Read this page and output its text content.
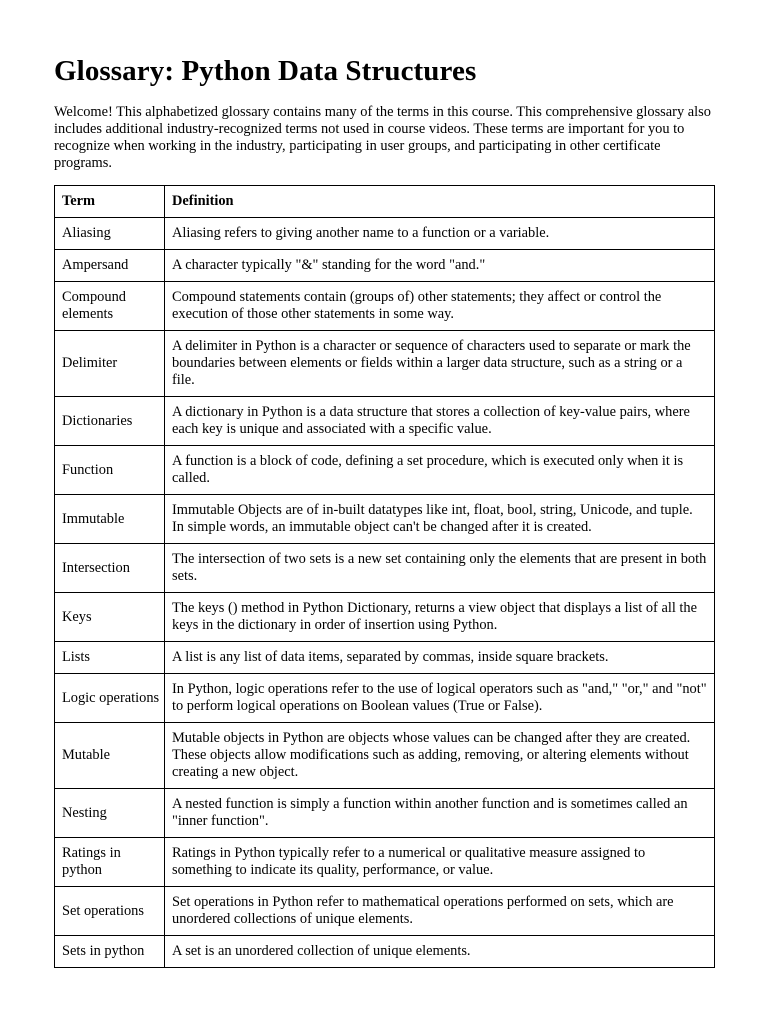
Glossary: Python Data Structures

Welcome! This alphabetized glossary contains many of the terms in this course. This comprehensive glossary also includes additional industry-recognized terms not used in course videos. These terms are important for you to recognize when working in the industry, participating in user groups, and participating in other certificate programs.

Term	Definition
Aliasing	Aliasing refers to giving another name to a function or a variable.
Ampersand	A character typically "&" standing for the word "and."
Compound elements	Compound statements contain (groups of) other statements; they affect or control the execution of those other statements in some way.
Delimiter	A delimiter in Python is a character or sequence of characters used to separate or mark the boundaries between elements or fields within a larger data structure, such as a string or a file.
Dictionaries	A dictionary in Python is a data structure that stores a collection of key-value pairs, where each key is unique and associated with a specific value.
Function	A function is a block of code, defining a set procedure, which is executed only when it is called.
Immutable	Immutable Objects are of in-built datatypes like int, float, bool, string, Unicode, and tuple. In simple words, an immutable object can't be changed after it is created.
Intersection	The intersection of two sets is a new set containing only the elements that are present in both sets.
Keys	The keys () method in Python Dictionary, returns a view object that displays a list of all the keys in the dictionary in order of insertion using Python.
Lists	A list is any list of data items, separated by commas, inside square brackets.
Logic operations	In Python, logic operations refer to the use of logical operators such as "and," "or," and "not" to perform logical operations on Boolean values (True or False).
Mutable	Mutable objects in Python are objects whose values can be changed after they are created. These objects allow modifications such as adding, removing, or altering elements without creating a new object.
Nesting	A nested function is simply a function within another function and is sometimes called an "inner function".
Ratings in python	Ratings in Python typically refer to a numerical or qualitative measure assigned to something to indicate its quality, performance, or value.
Set operations	Set operations in Python refer to mathematical operations performed on sets, which are unordered collections of unique elements.
Sets in python	A set is an unordered collection of unique elements.
